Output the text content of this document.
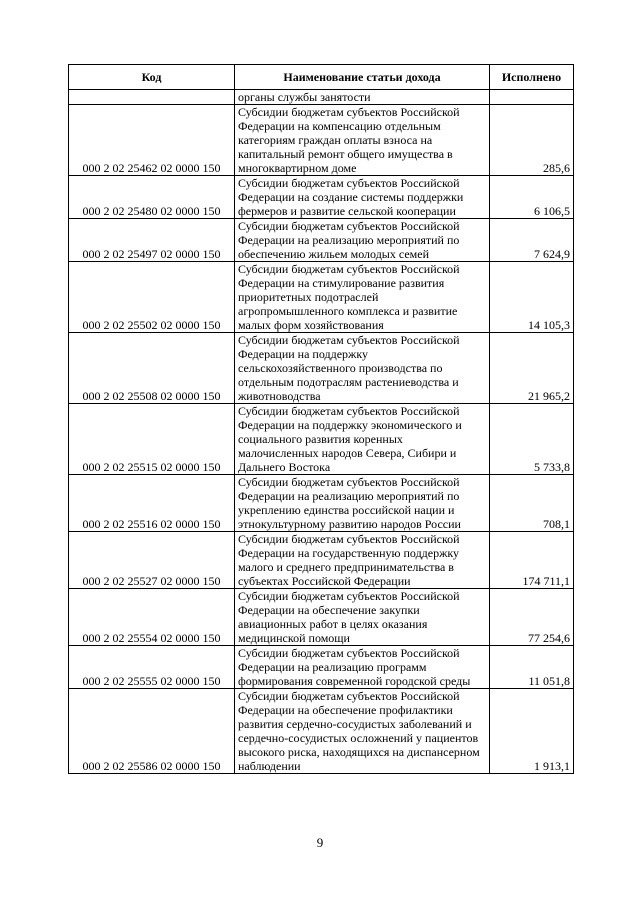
Код	Наименование статьи дохода	Исполнено
	органы службы занятости	
000 2 02 25462 02 0000 150	Субсидии бюджетам субъектов Российской Федерации на компенсацию отдельным категориям граждан оплаты взноса на капитальный ремонт общего имущества в многоквартирном доме	285,6
000 2 02 25480 02 0000 150	Субсидии бюджетам субъектов Российской Федерации на создание системы поддержки фермеров и развитие сельской кооперации	6 106,5
000 2 02 25497 02 0000 150	Субсидии бюджетам субъектов Российской Федерации на реализацию мероприятий по обеспечению жильем молодых семей	7 624,9
000 2 02 25502 02 0000 150	Субсидии бюджетам субъектов Российской Федерации на стимулирование развития приоритетных подотраслей агропромышленного комплекса и развитие малых форм хозяйствования	14 105,3
000 2 02 25508 02 0000 150	Субсидии бюджетам субъектов Российской Федерации на поддержку сельскохозяйственного производства по отдельным подотраслям растениеводства и животноводства	21 965,2
000 2 02 25515 02 0000 150	Субсидии бюджетам субъектов Российской Федерации на поддержку экономического и социального развития коренных малочисленных народов Севера, Сибири и Дальнего Востока	5 733,8
000 2 02 25516 02 0000 150	Субсидии бюджетам субъектов Российской Федерации на реализацию мероприятий по укреплению единства российской нации и этнокультурному развитию народов России	708,1
000 2 02 25527 02 0000 150	Субсидии бюджетам субъектов Российской Федерации на государственную поддержку малого и среднего предпринимательства в субъектах Российской Федерации	174 711,1
000 2 02 25554 02 0000 150	Субсидии бюджетам субъектов Российской Федерации на обеспечение закупки авиационных работ в целях оказания медицинской помощи	77 254,6
000 2 02 25555 02 0000 150	Субсидии бюджетам субъектов Российской Федерации на реализацию программ формирования современной городской среды	11 051,8
000 2 02 25586 02 0000 150	Субсидии бюджетам субъектов Российской Федерации на обеспечение профилактики развития сердечно-сосудистых заболеваний и сердечно-сосудистых осложнений у пациентов высокого риска, находящихся на диспансерном наблюдении	1 913,1
9
